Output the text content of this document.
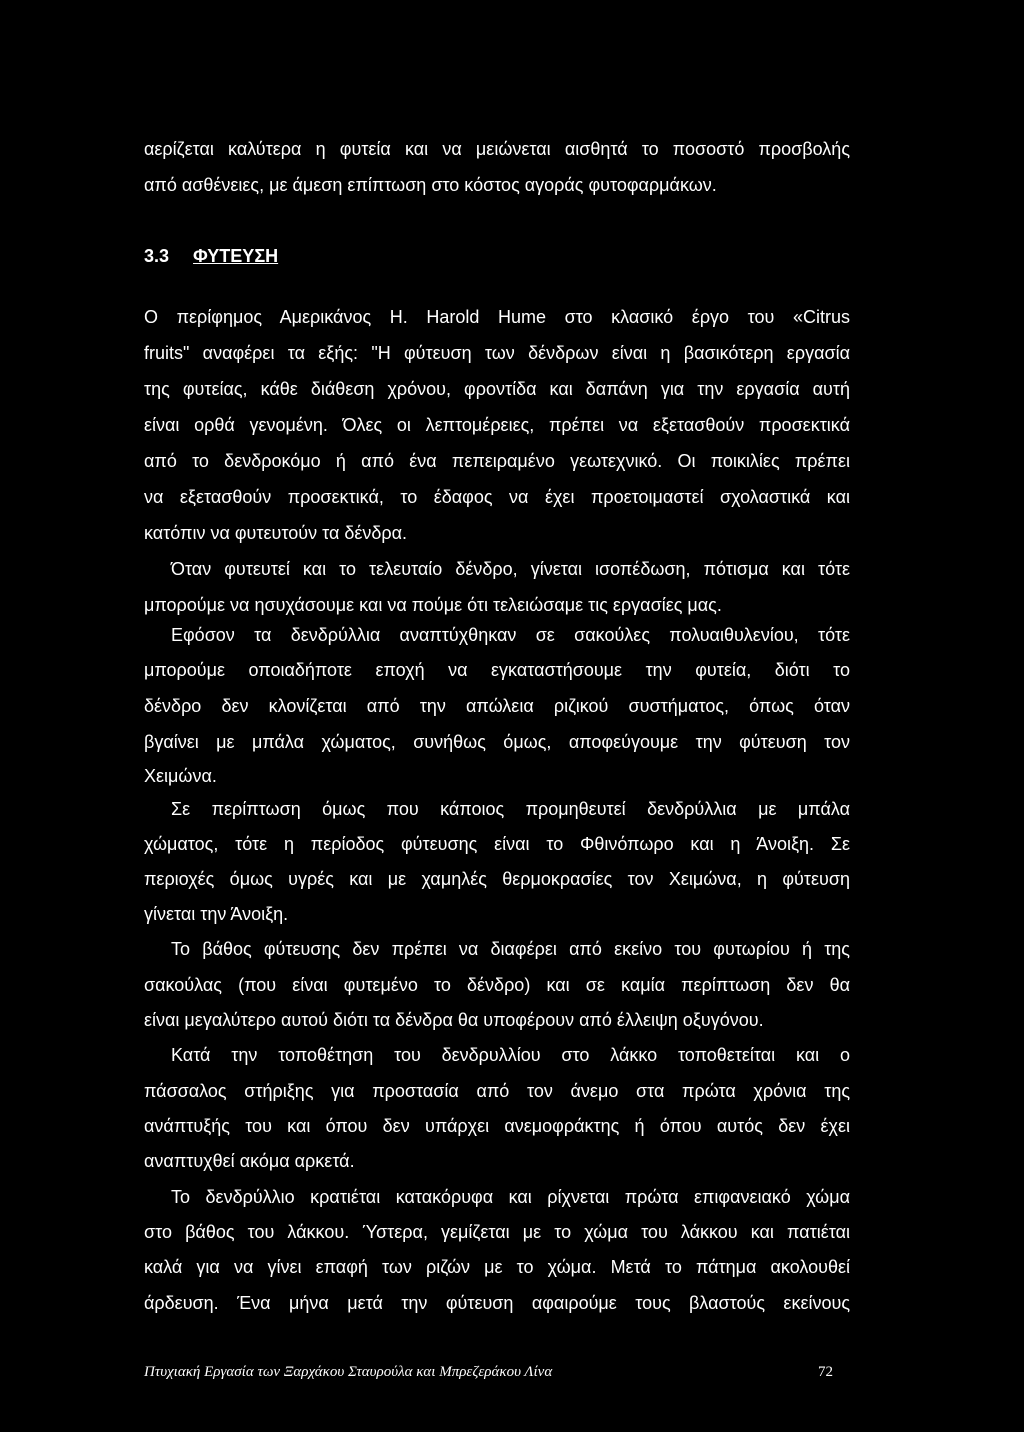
αερίζεται καλύτερα η φυτεία και να μειώνεται αισθητά το ποσοστό προσβολής
από ασθένειες, με άμεση επίπτωση στο κόστος αγοράς φυτοφαρμάκων.
3.3 ΦΥΤΕΥΣΗ
Ο περίφημος Αμερικάνος Η. Harold Hume στο κλασικό έργο του «Citrus
fruits" αναφέρει τα εξής: "Η φύτευση των δένδρων είναι η βασικότερη εργασία
της φυτείας, κάθε διάθεση χρόνου, φροντίδα και δαπάνη για την εργασία αυτή
είναι ορθά γενομένη. Όλες οι λεπτομέρειες, πρέπει να εξετασθούν προσεκτικά
από το δενδροκόμο ή από ένα πεπειραμένο γεωτεχνικό. Οι ποικιλίες πρέπει
να εξετασθούν προσεκτικά, το έδαφος να έχει προετοιμαστεί σχολαστικά και
κατόπιν να φυτευτούν τα δένδρα.
Όταν φυτευτεί και το τελευταίο δένδρο, γίνεται ισοπέδωση, πότισμα και τότε
μπορούμε να ησυχάσουμε και να πούμε ότι τελειώσαμε τις εργασίες μας.
Εφόσον τα δενδρύλλια αναπτύχθηκαν σε σακούλες πολυαιθυλενίου, τότε
μπορούμε οποιαδήποτε εποχή να εγκαταστήσουμε την φυτεία, διότι το
δένδρο δεν κλονίζεται από την απώλεια ριζικού συστήματος, όπως όταν
βγαίνει με μπάλα χώματος, συνήθως όμως, αποφεύγουμε την φύτευση τον
Χειμώνα.
Σε περίπτωση όμως που κάποιος προμηθευτεί δενδρύλλια με μπάλα
χώματος, τότε η περίοδος φύτευσης είναι το Φθινόπωρο και η Άνοιξη. Σε
περιοχές όμως υγρές και με χαμηλές θερμοκρασίες τον Χειμώνα, η φύτευση
γίνεται την Άνοιξη.
Το βάθος φύτευσης δεν πρέπει να διαφέρει από εκείνο του φυτωρίου ή της
σακούλας (που είναι φυτεμένο το δένδρο) και σε καμία περίπτωση δεν θα
είναι μεγαλύτερο αυτού διότι τα δένδρα θα υποφέρουν από έλλειψη οξυγόνου.
Κατά την τοποθέτηση του δενδρυλλίου στο λάκκο τοποθετείται και ο
πάσσαλος στήριξης για προστασία από τον άνεμο στα πρώτα χρόνια της
ανάπτυξής του και όπου δεν υπάρχει ανεμοφράκτης ή όπου αυτός δεν έχει
αναπτυχθεί ακόμα αρκετά.
Το δενδρύλλιο κρατιέται κατακόρυφα και ρίχνεται πρώτα επιφανειακό χώμα
στο βάθος του λάκκου. Ύστερα, γεμίζεται με το χώμα του λάκκου και πατιέται
καλά για να γίνει επαφή των ριζών με το χώμα. Μετά το πάτημα ακολουθεί
άρδευση. Ένα μήνα μετά την φύτευση αφαιρούμε τους βλαστούς εκείνους
Πτυχιακή Εργασία των Ξαρχάκου Σταυρούλα και Μπρεζεράκου Λίνα	72
